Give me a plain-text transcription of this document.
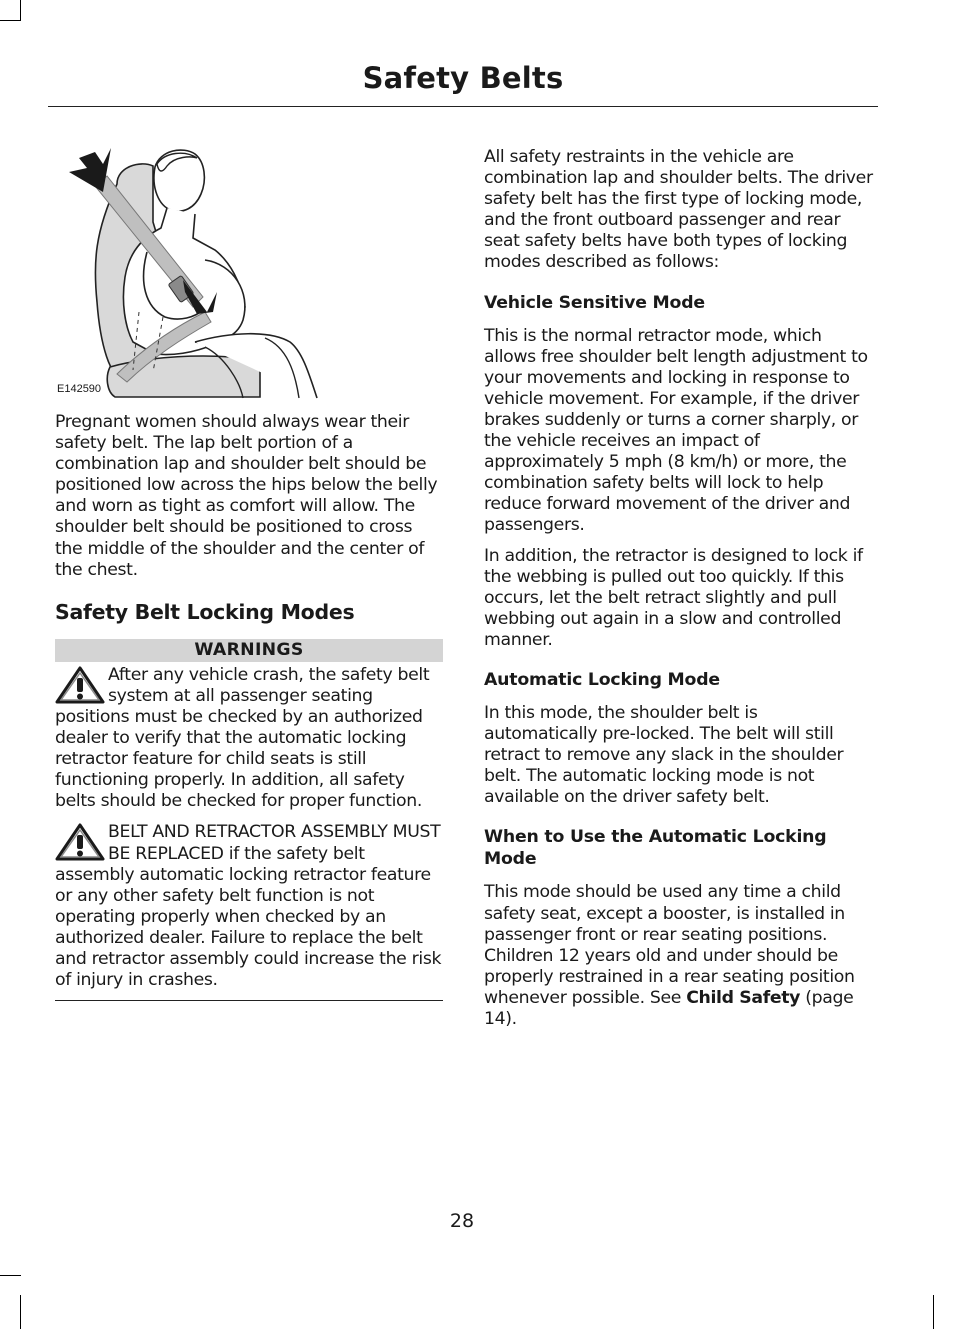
Safety Belts
E142590

Pregnant women should always wear their safety belt. The lap belt portion of a combination lap and shoulder belt should be positioned low across the hips below the belly and worn as tight as comfort will allow. The shoulder belt should be positioned to cross the middle of the shoulder and the center of the chest.

Safety Belt Locking Modes
WARNINGS
After any vehicle crash, the safety belt system at all passenger seating positions must be checked by an authorized dealer to verify that the automatic locking retractor feature for child seats is still functioning properly. In addition, all safety belts should be checked for proper function.
BELT AND RETRACTOR ASSEMBLY MUST BE REPLACED if the safety belt assembly automatic locking retractor feature or any other safety belt function is not operating properly when checked by an authorized dealer. Failure to replace the belt and retractor assembly could increase the risk of injury in crashes.

All safety restraints in the vehicle are combination lap and shoulder belts. The driver safety belt has the first type of locking mode, and the front outboard passenger and rear seat safety belts have both types of locking modes described as follows:

Vehicle Sensitive Mode

This is the normal retractor mode, which allows free shoulder belt length adjustment to your movements and locking in response to vehicle movement. For example, if the driver brakes suddenly or turns a corner sharply, or the vehicle receives an impact of approximately 5 mph (8 km/h) or more, the combination safety belts will lock to help reduce forward movement of the driver and passengers.

In addition, the retractor is designed to lock if the webbing is pulled out too quickly. If this occurs, let the belt retract slightly and pull webbing out again in a slow and controlled manner.

Automatic Locking Mode

In this mode, the shoulder belt is automatically pre-locked. The belt will still retract to remove any slack in the shoulder belt. The automatic locking mode is not available on the driver safety belt.

When to Use the Automatic Locking Mode

This mode should be used any time a child safety seat, except a booster, is installed in passenger front or rear seating positions. Children 12 years old and under should be properly restrained in a rear seating position whenever possible. See Child Safety (page 14).

28
